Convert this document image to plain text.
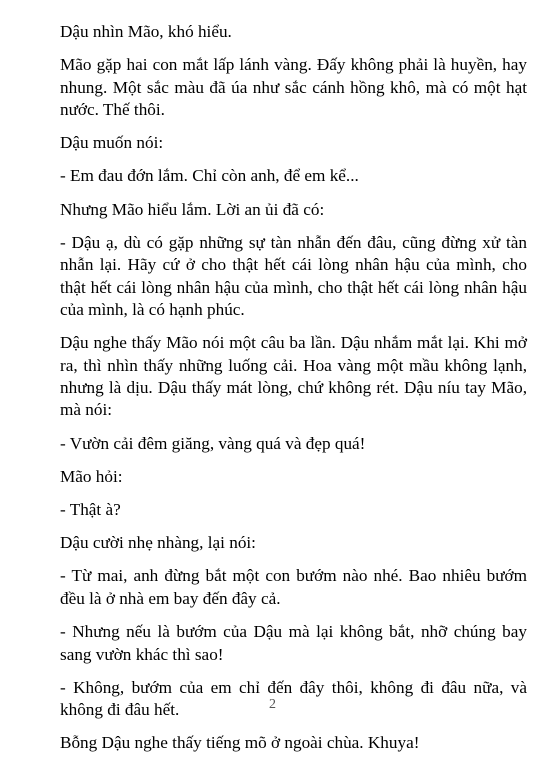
Dậu nhìn Mão, khó hiểu.

Mão gặp hai con mắt lấp lánh vàng. Đấy không phải là huyền, hay nhung. Một sắc màu đã úa như sắc cánh hồng khô, mà có một hạt nước. Thế thôi.

Dậu muốn nói:

- Em đau đớn lắm. Chỉ còn anh, để em kể...

Nhưng Mão hiểu lắm. Lời an ủi đã có:

- Dậu ạ, dù có gặp những sự tàn nhẫn đến đâu, cũng đừng xử tàn nhẫn lại. Hãy cứ ở cho thật hết cái lòng nhân hậu của mình, cho thật hết cái lòng nhân hậu của mình, cho thật hết cái lòng nhân hậu của mình, là có hạnh phúc.

Dậu nghe thấy Mão nói một câu ba lần. Dậu nhắm mắt lại. Khi mở ra, thì nhìn thấy những luống cải. Hoa vàng một mầu không lạnh, nhưng là dịu. Dậu thấy mát lòng, chứ không rét. Dậu níu tay Mão, mà nói:

- Vườn cải đêm giăng, vàng quá và đẹp quá!

Mão hỏi:

- Thật à?

Dậu cười nhẹ nhàng, lại nói:

- Từ mai, anh đừng bắt một con bướm nào nhé. Bao nhiêu bướm đều là ở nhà em bay đến đây cả.

- Nhưng nếu là bướm của Dậu mà lại không bắt, nhỡ chúng bay sang vườn khác thì sao!

- Không, bướm của em chỉ đến đây thôi, không đi đâu nữa, và không đi đâu hết.

Bỗng Dậu nghe thấy tiếng mõ ở ngoài chùa. Khuya!

2
